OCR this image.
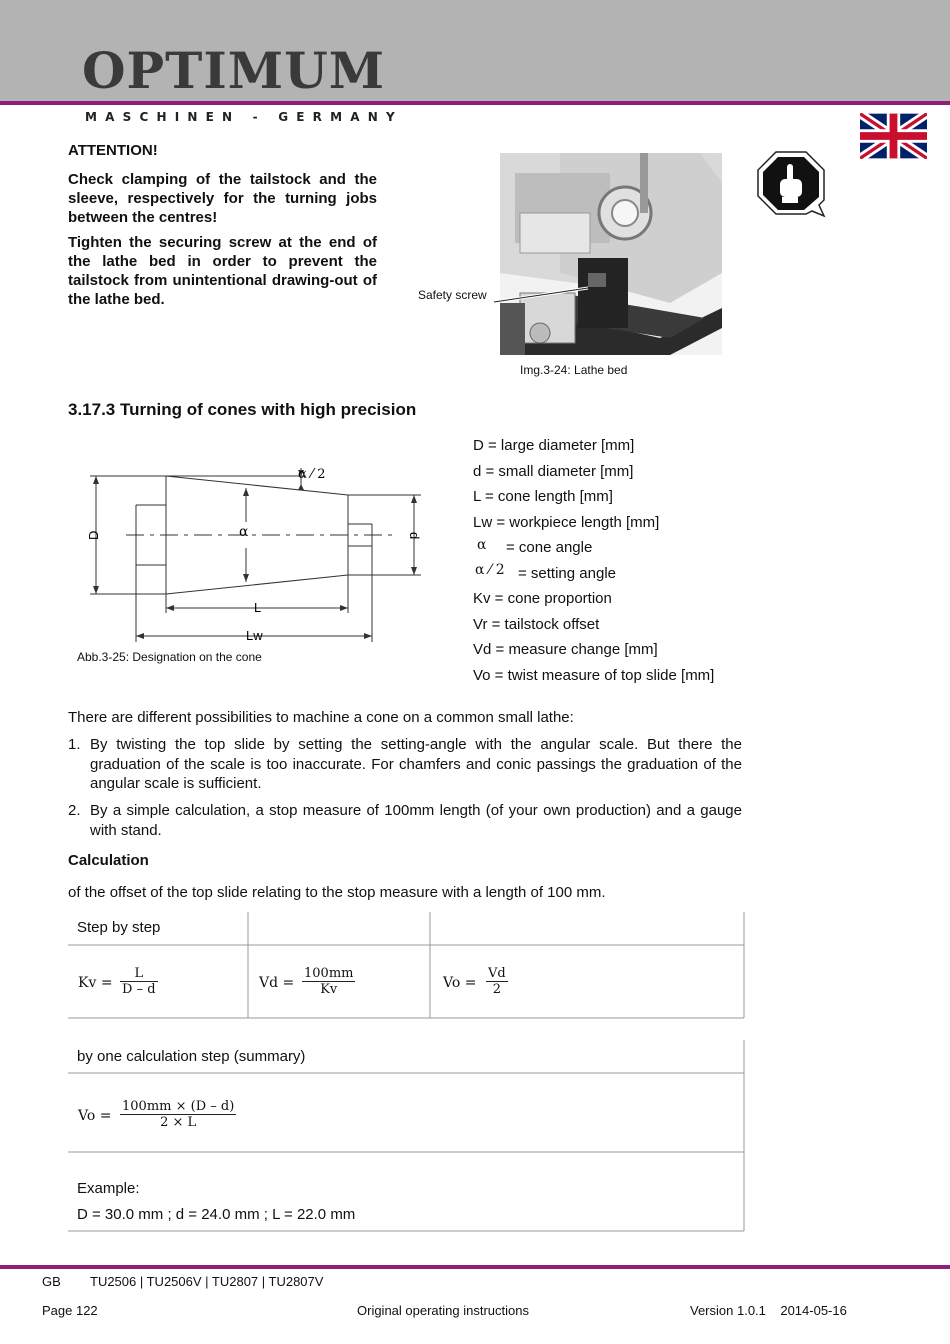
OPTIMUM
MASCHINEN - GERMANY
ATTENTION!
Check clamping of the tailstock and the sleeve, respectively for the turning jobs between the centres!
Tighten the securing screw at the end of the lathe bed in order to prevent the tailstock from unintentional drawing-out of the lathe bed.	Safety screw
Img.3-24: Lathe bed
3.17.3 Turning of cones with high precision
D	d
α
α ⁄ 2
L
Lw
Abb.3-25: Designation on the cone
D = large diameter [mm]
d = small diameter [mm]
L = cone length [mm]
Lw = workpiece length [mm]
α = cone angle
α ⁄ 2 = setting angle
Kv = cone proportion
Vr = tailstock offset
Vd = measure change [mm]
Vo = twist measure of top slide [mm]
There are different possibilities to machine a cone on a common small lathe:
1. By twisting the top slide by setting the setting-angle with the angular scale. But there the graduation of the scale is too inaccurate. For chamfers and conic passings the graduation of the angular scale is sufficient.
2. By a simple calculation, a stop measure of 100mm length (of your own production) and a gauge with stand.
Calculation
of the offset of the top slide relating to the stop measure with a length of 100 mm.
Step by step
$Kv = \frac{L}{D - d}$	$Vd = \frac{100mm}{Kv}$	$Vo = \frac{Vd}{2}$
by one calculation step (summary)
$Vo = \frac{100mm \times (D - d)}{2 \times L}$
Example:
D = 30.0 mm ; d = 24.0 mm ; L = 22.0 mm
GB TU2506 | TU2506V | TU2807 | TU2807V
Page 122	Original operating instructions	Version 1.0.1    2014-05-16
